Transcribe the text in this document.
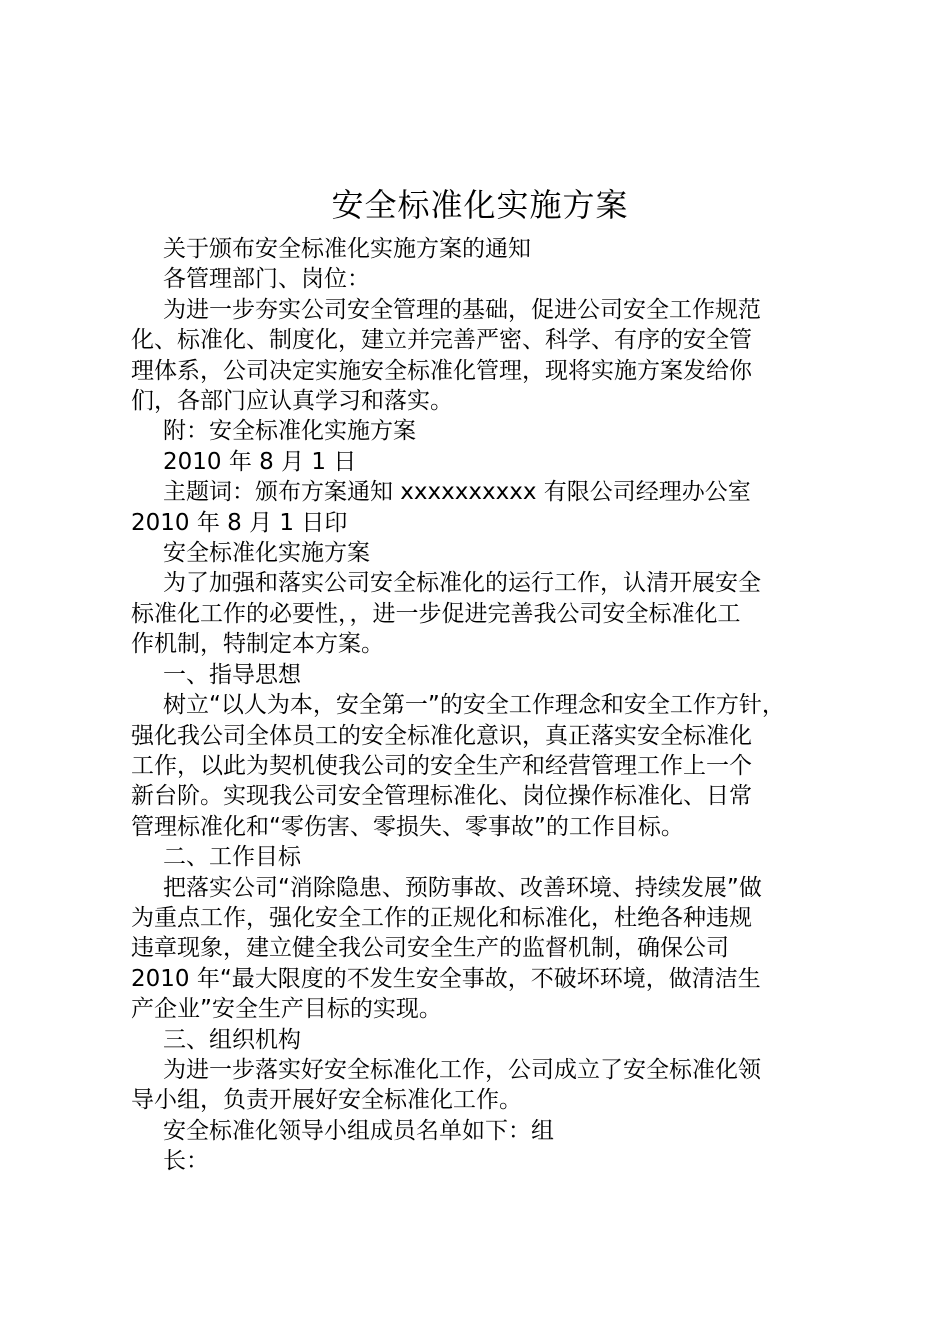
安全标准化实施方案

关于颁布安全标准化实施方案的通知

各管理部门、岗位：

为进一步夯实公司安全管理的基础，促进公司安全工作规范
化、标准化、制度化，建立并完善严密、科学、有序的安全管
理体系，公司决定实施安全标准化管理，现将实施方案发给你
们，各部门应认真学习和落实。

附：安全标准化实施方案

2010 年 8 月 1 日

主题词：颁布方案通知 xxxxxxxxxx 有限公司经理办公室
2010 年 8 月 1 日印

安全标准化实施方案

为了加强和落实公司安全标准化的运行工作，认清开展安全
标准化工作的必要性，，进一步促进完善我公司安全标准化工
作机制，特制定本方案。

一、指导思想

树立“以人为本，安全第一”的安全工作理念和安全工作方针，
强化我公司全体员工的安全标准化意识，真正落实安全标准化
工作，以此为契机使我公司的安全生产和经营管理工作上一个
新台阶。实现我公司安全管理标准化、岗位操作标准化、日常
管理标准化和“零伤害、零损失、零事故”的工作目标。

二、工作目标

把落实公司“消除隐患、预防事故、改善环境、持续发展”做
为重点工作，强化安全工作的正规化和标准化，杜绝各种违规
违章现象，建立健全我公司安全生产的监督机制，确保公司
2010 年“最大限度的不发生安全事故，不破坏环境，做清洁生
产企业”安全生产目标的实现。

三、组织机构

为进一步落实好安全标准化工作，公司成立了安全标准化领
导小组，负责开展好安全标准化工作。

安全标准化领导小组成员名单如下：组

长：
